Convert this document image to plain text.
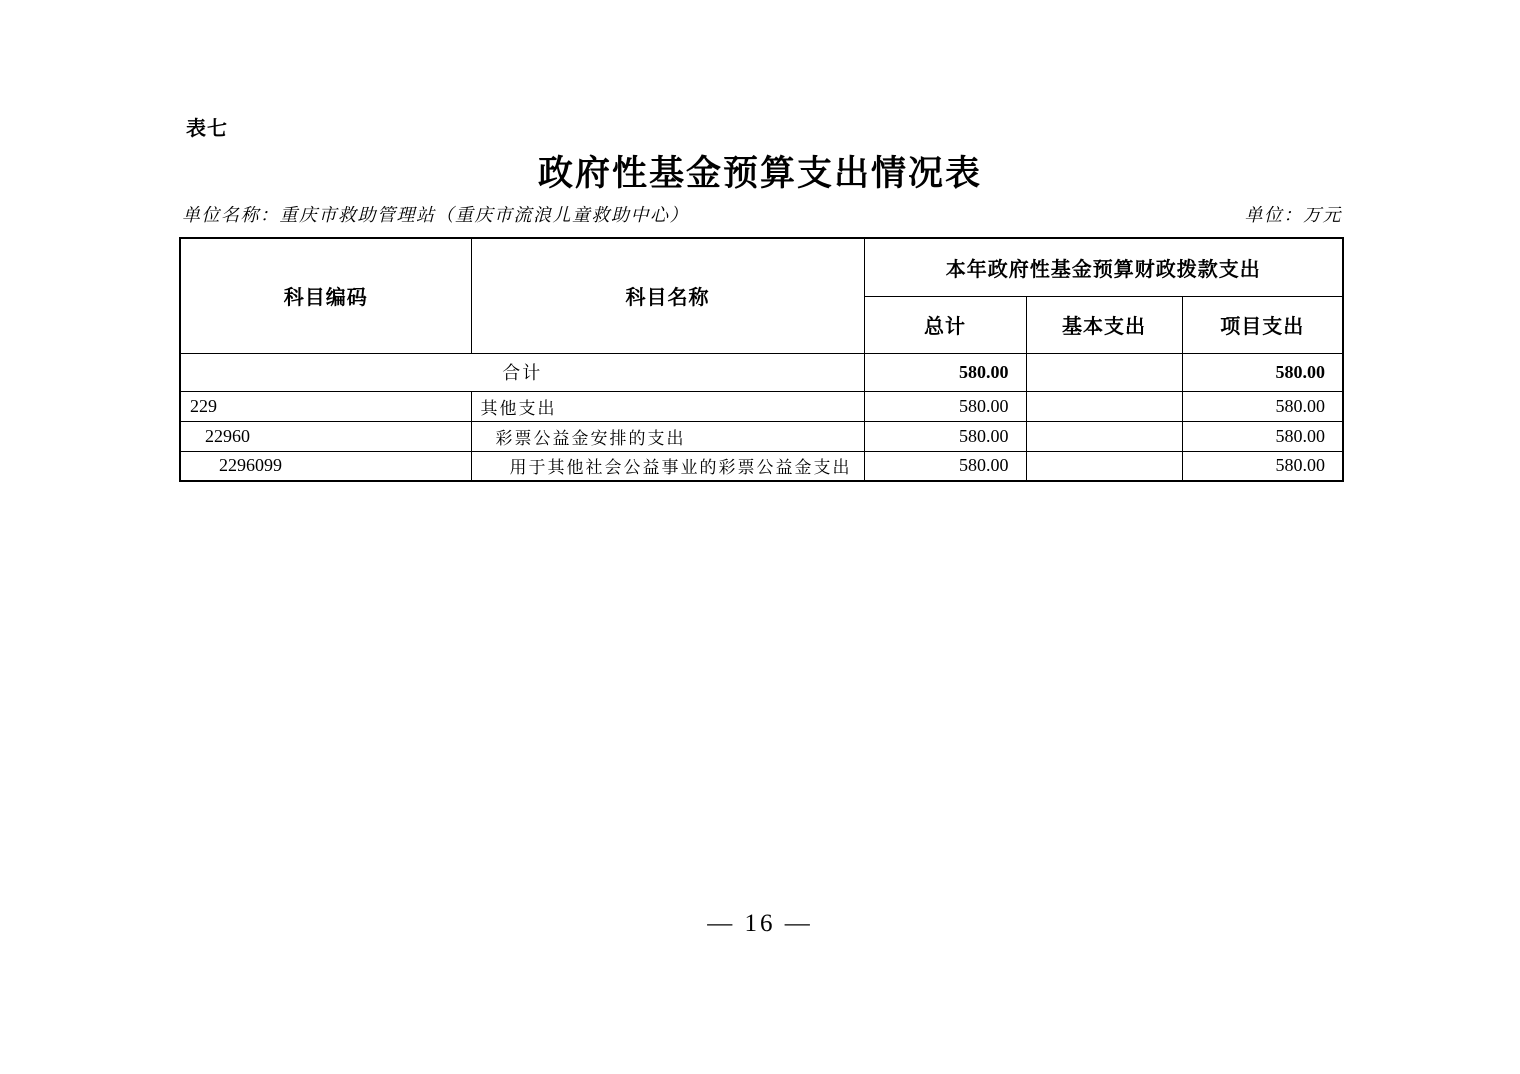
表七
政府性基金预算支出情况表
单位名称：重庆市救助管理站（重庆市流浪儿童救助中心）	单位：万元
科目编码	科目名称	本年政府性基金预算财政拨款支出		
		总计	基本支出	项目支出
合计		580.00		580.00
229	其他支出	580.00		580.00
22960	彩票公益金安排的支出	580.00		580.00
2296099	用于其他社会公益事业的彩票公益金支出	580.00		580.00
— 16 —
